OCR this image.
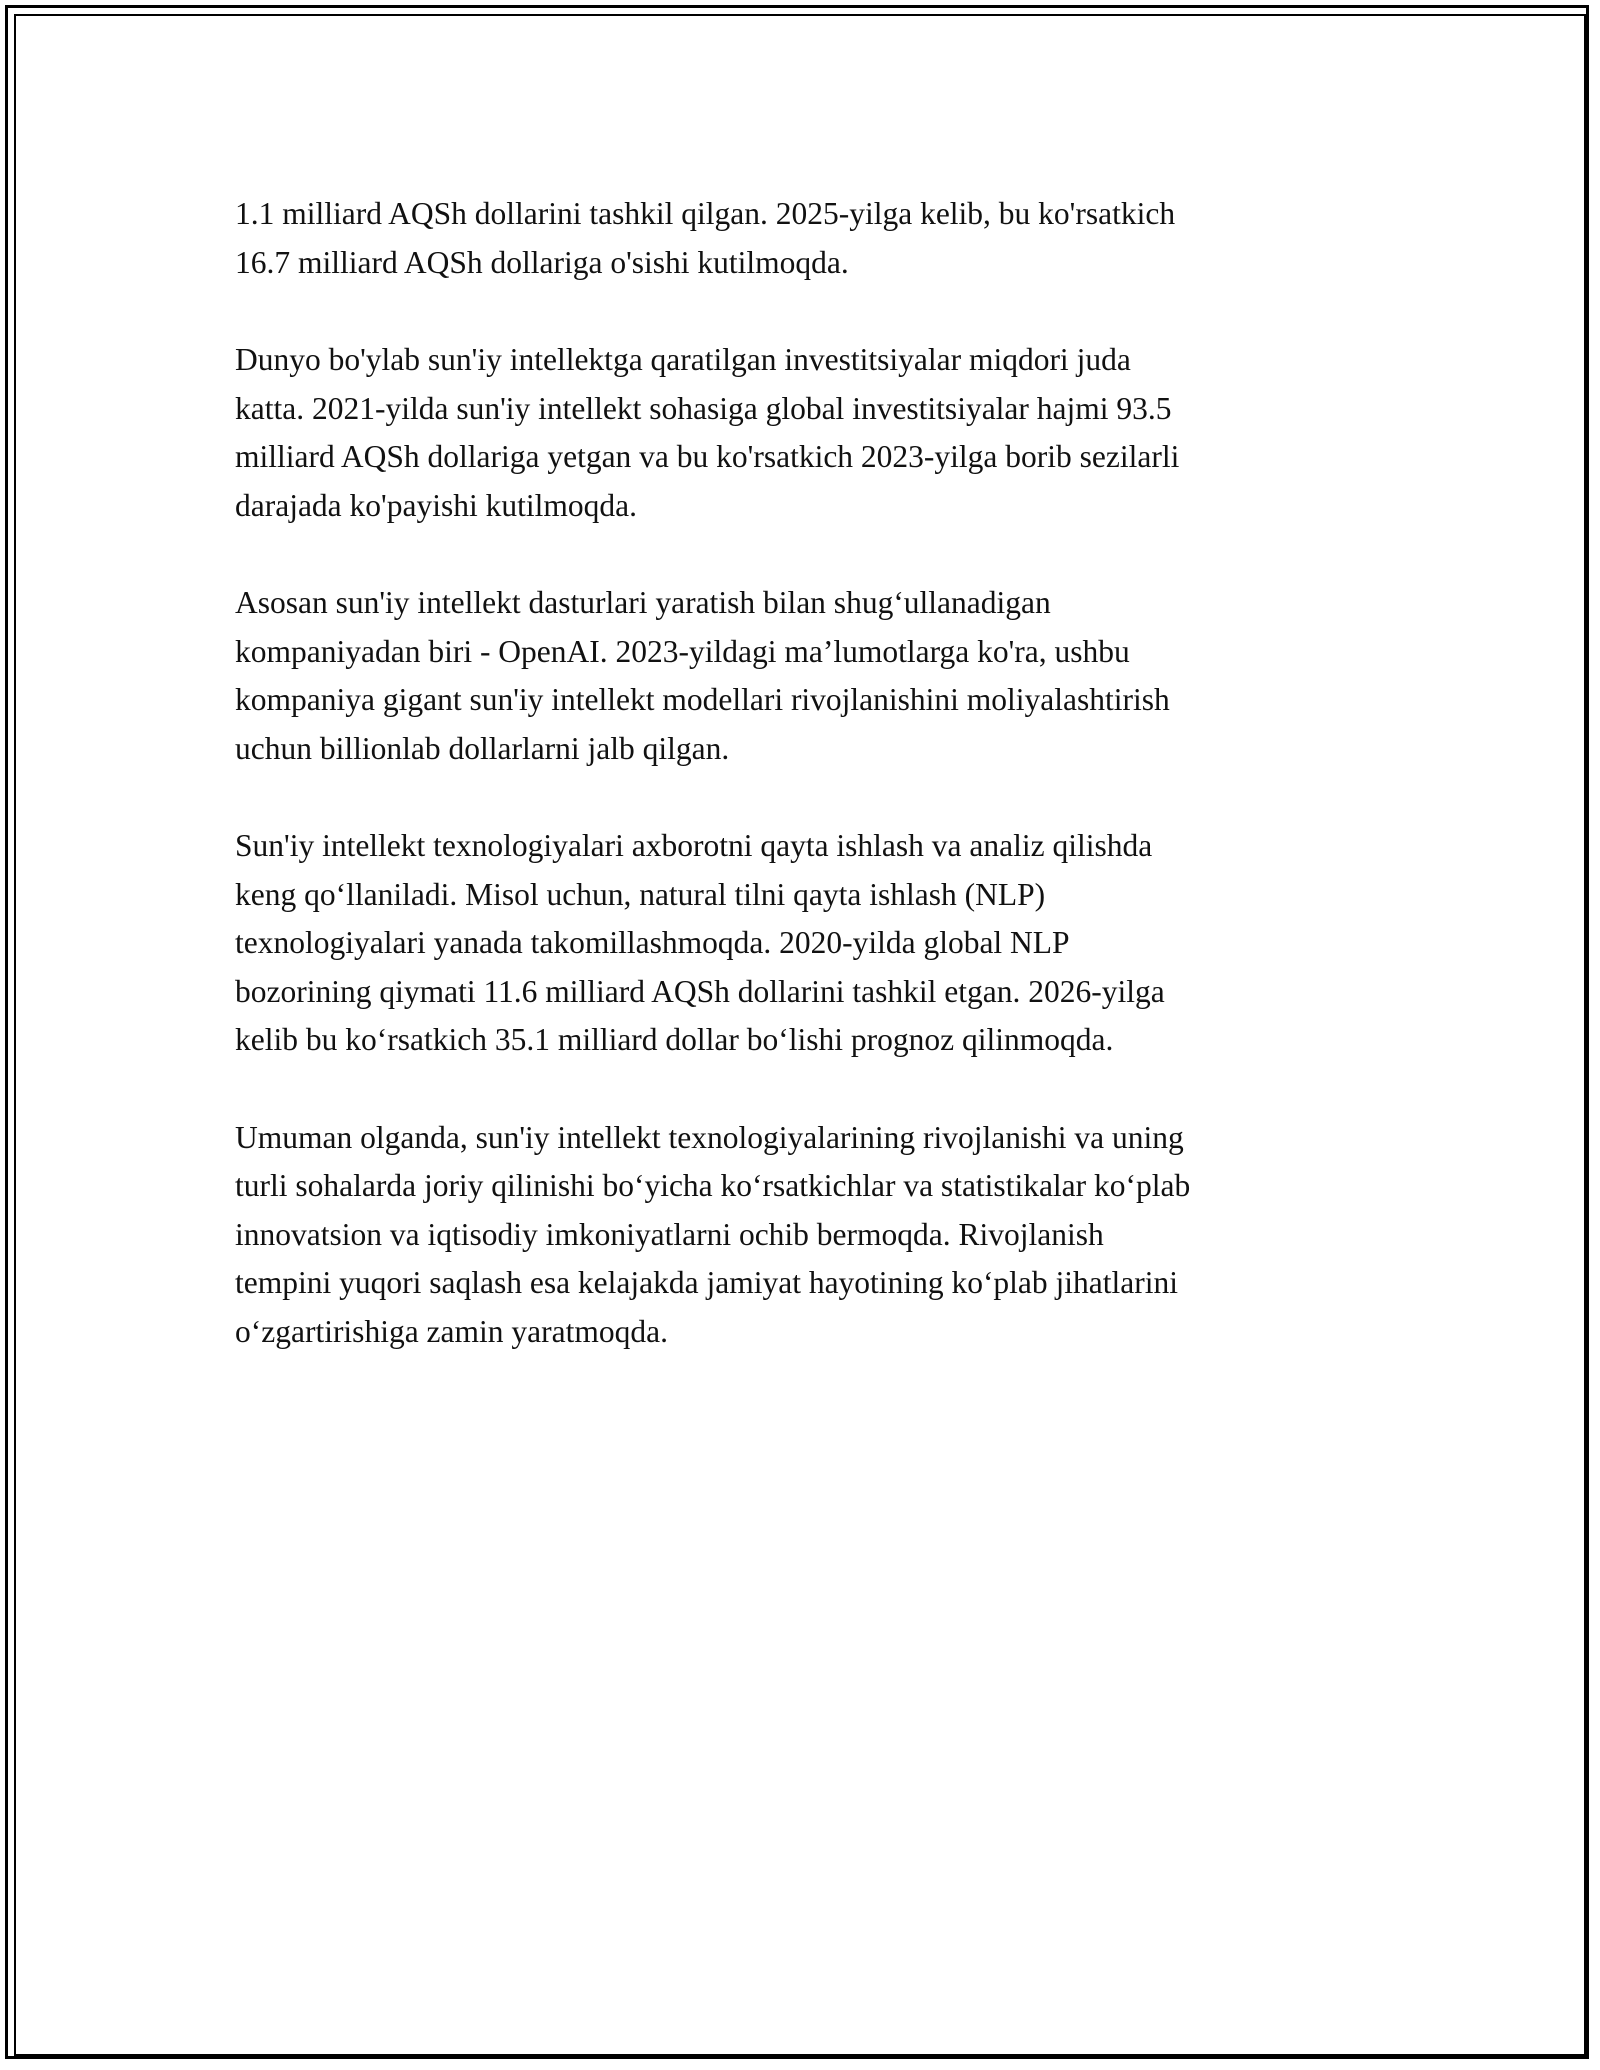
1.1 milliard AQSh dollarini tashkil qilgan. 2025-yilga kelib, bu ko'rsatkich
16.7 milliard AQSh dollariga o'sishi kutilmoqda.

Dunyo bo'ylab sun'iy intellektga qaratilgan investitsiyalar miqdori juda
katta. 2021-yilda sun'iy intellekt sohasiga global investitsiyalar hajmi 93.5
milliard AQSh dollariga yetgan va bu ko'rsatkich 2023-yilga borib sezilarli
darajada ko'payishi kutilmoqda.

Asosan sun'iy intellekt dasturlari yaratish bilan shug‘ullanadigan
kompaniyadan biri - OpenAI. 2023-yildagi ma’lumotlarga ko'ra, ushbu
kompaniya gigant sun'iy intellekt modellari rivojlanishini moliyalashtirish
uchun billionlab dollarlarni jalb qilgan.

Sun'iy intellekt texnologiyalari axborotni qayta ishlash va analiz qilishda
keng qo‘llaniladi. Misol uchun, natural tilni qayta ishlash (NLP)
texnologiyalari yanada takomillashmoqda. 2020-yilda global NLP
bozorining qiymati 11.6 milliard AQSh dollarini tashkil etgan. 2026-yilga
kelib bu ko‘rsatkich 35.1 milliard dollar bo‘lishi prognoz qilinmoqda.

Umuman olganda, sun'iy intellekt texnologiyalarining rivojlanishi va uning
turli sohalarda joriy qilinishi bo‘yicha ko‘rsatkichlar va statistikalar ko‘plab
innovatsion va iqtisodiy imkoniyatlarni ochib bermoqda. Rivojlanish
tempini yuqori saqlash esa kelajakda jamiyat hayotining ko‘plab jihatlarini
o‘zgartirishiga zamin yaratmoqda.
